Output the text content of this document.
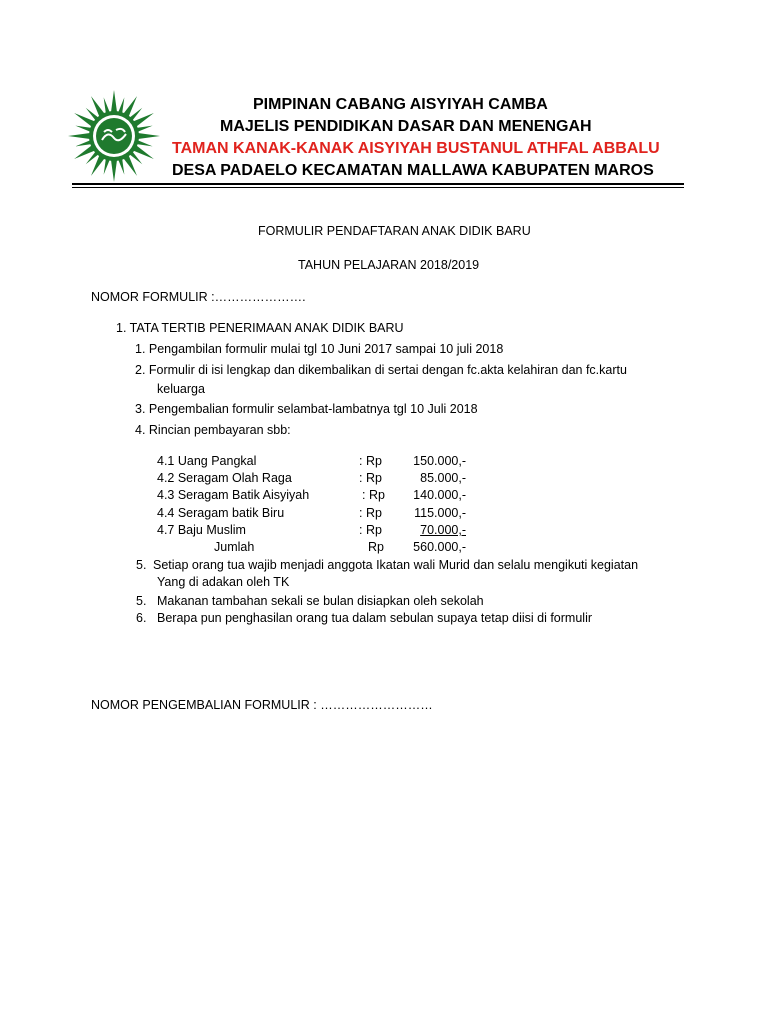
PIMPINAN CABANG AISYIYAH CAMBA
MAJELIS PENDIDIKAN DASAR DAN MENENGAH
TAMAN KANAK-KANAK AISYIYAH BUSTANUL ATHFAL ABBALU
DESA PADAELO KECAMATAN MALLAWA KABUPATEN MAROS
FORMULIR PENDAFTARAN ANAK DIDIK BARU
TAHUN PELAJARAN 2018/2019
NOMOR FORMULIR :………………….
1. TATA TERTIB PENERIMAAN ANAK DIDIK BARU
1. Pengambilan formulir mulai tgl 10 Juni 2017 sampai 10 juli 2018
2. Formulir di isi lengkap dan dikembalikan di sertai dengan fc.akta kelahiran dan fc.kartu
keluarga
3. Pengembalian formulir selambat-lambatnya tgl 10 Juli 2018
4. Rincian pembayaran sbb:
4.1 Uang Pangkal	: Rp	150.000,-
4.2 Seragam Olah Raga	: Rp	85.000,-
4.3 Seragam Batik Aisyiyah	: Rp	140.000,-
4.4 Seragam batik Biru	: Rp	115.000,-
4.7 Baju Muslim	: Rp	70.000,-
Jumlah	Rp	560.000,-
5. Setiap orang tua wajib menjadi anggota Ikatan wali Murid dan selalu mengikuti kegiatan
Yang di adakan oleh TK
5. Makanan tambahan sekali se bulan disiapkan oleh sekolah
6. Berapa pun penghasilan orang tua dalam sebulan supaya tetap diisi di formulir
NOMOR PENGEMBALIAN FORMULIR : ………………………
